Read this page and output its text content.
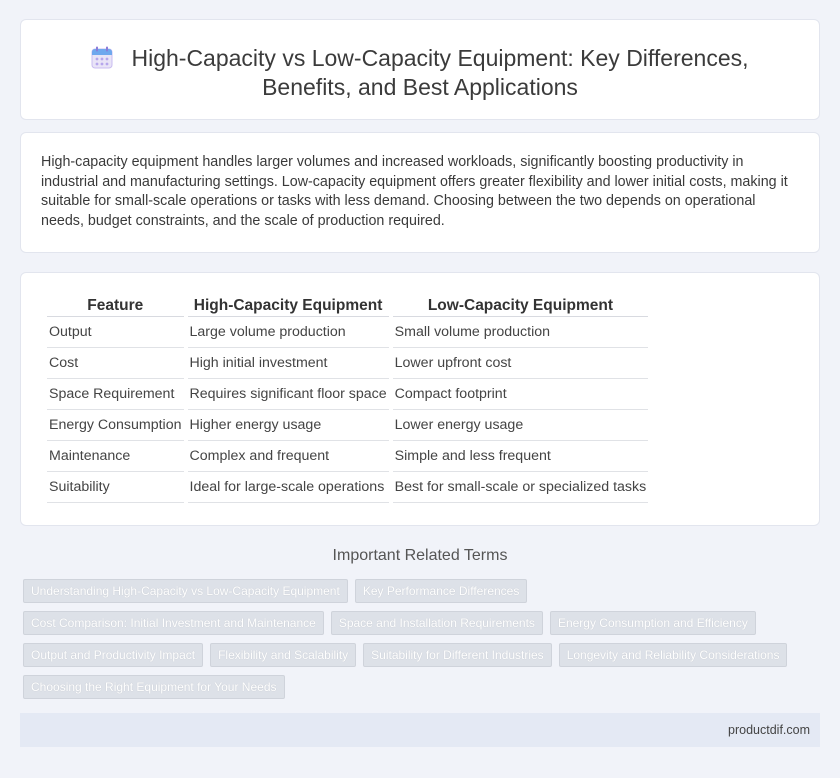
High-Capacity vs Low-Capacity Equipment: Key Differences,
Benefits, and Best Applications

High-capacity equipment handles larger volumes and increased workloads, significantly boosting productivity in industrial and manufacturing settings. Low-capacity equipment offers greater flexibility and lower initial costs, making it suitable for small-scale operations or tasks with less demand. Choosing between the two depends on operational needs, budget constraints, and the scale of production required.

Feature	High-Capacity Equipment	Low-Capacity Equipment
Output	Large volume production	Small volume production
Cost	High initial investment	Lower upfront cost
Space Requirement	Requires significant floor space	Compact footprint
Energy Consumption	Higher energy usage	Lower energy usage
Maintenance	Complex and frequent	Simple and less frequent
Suitability	Ideal for large-scale operations	Best for small-scale or specialized tasks
Important Related Terms
Understanding High-Capacity vs Low-Capacity Equipment	Key Performance Differences
Cost Comparison: Initial Investment and Maintenance	Space and Installation Requirements	Energy Consumption and Efficiency
Output and Productivity Impact	Flexibility and Scalability	Suitability for Different Industries	Longevity and Reliability Considerations
Choosing the Right Equipment for Your Needs
productdif.com
